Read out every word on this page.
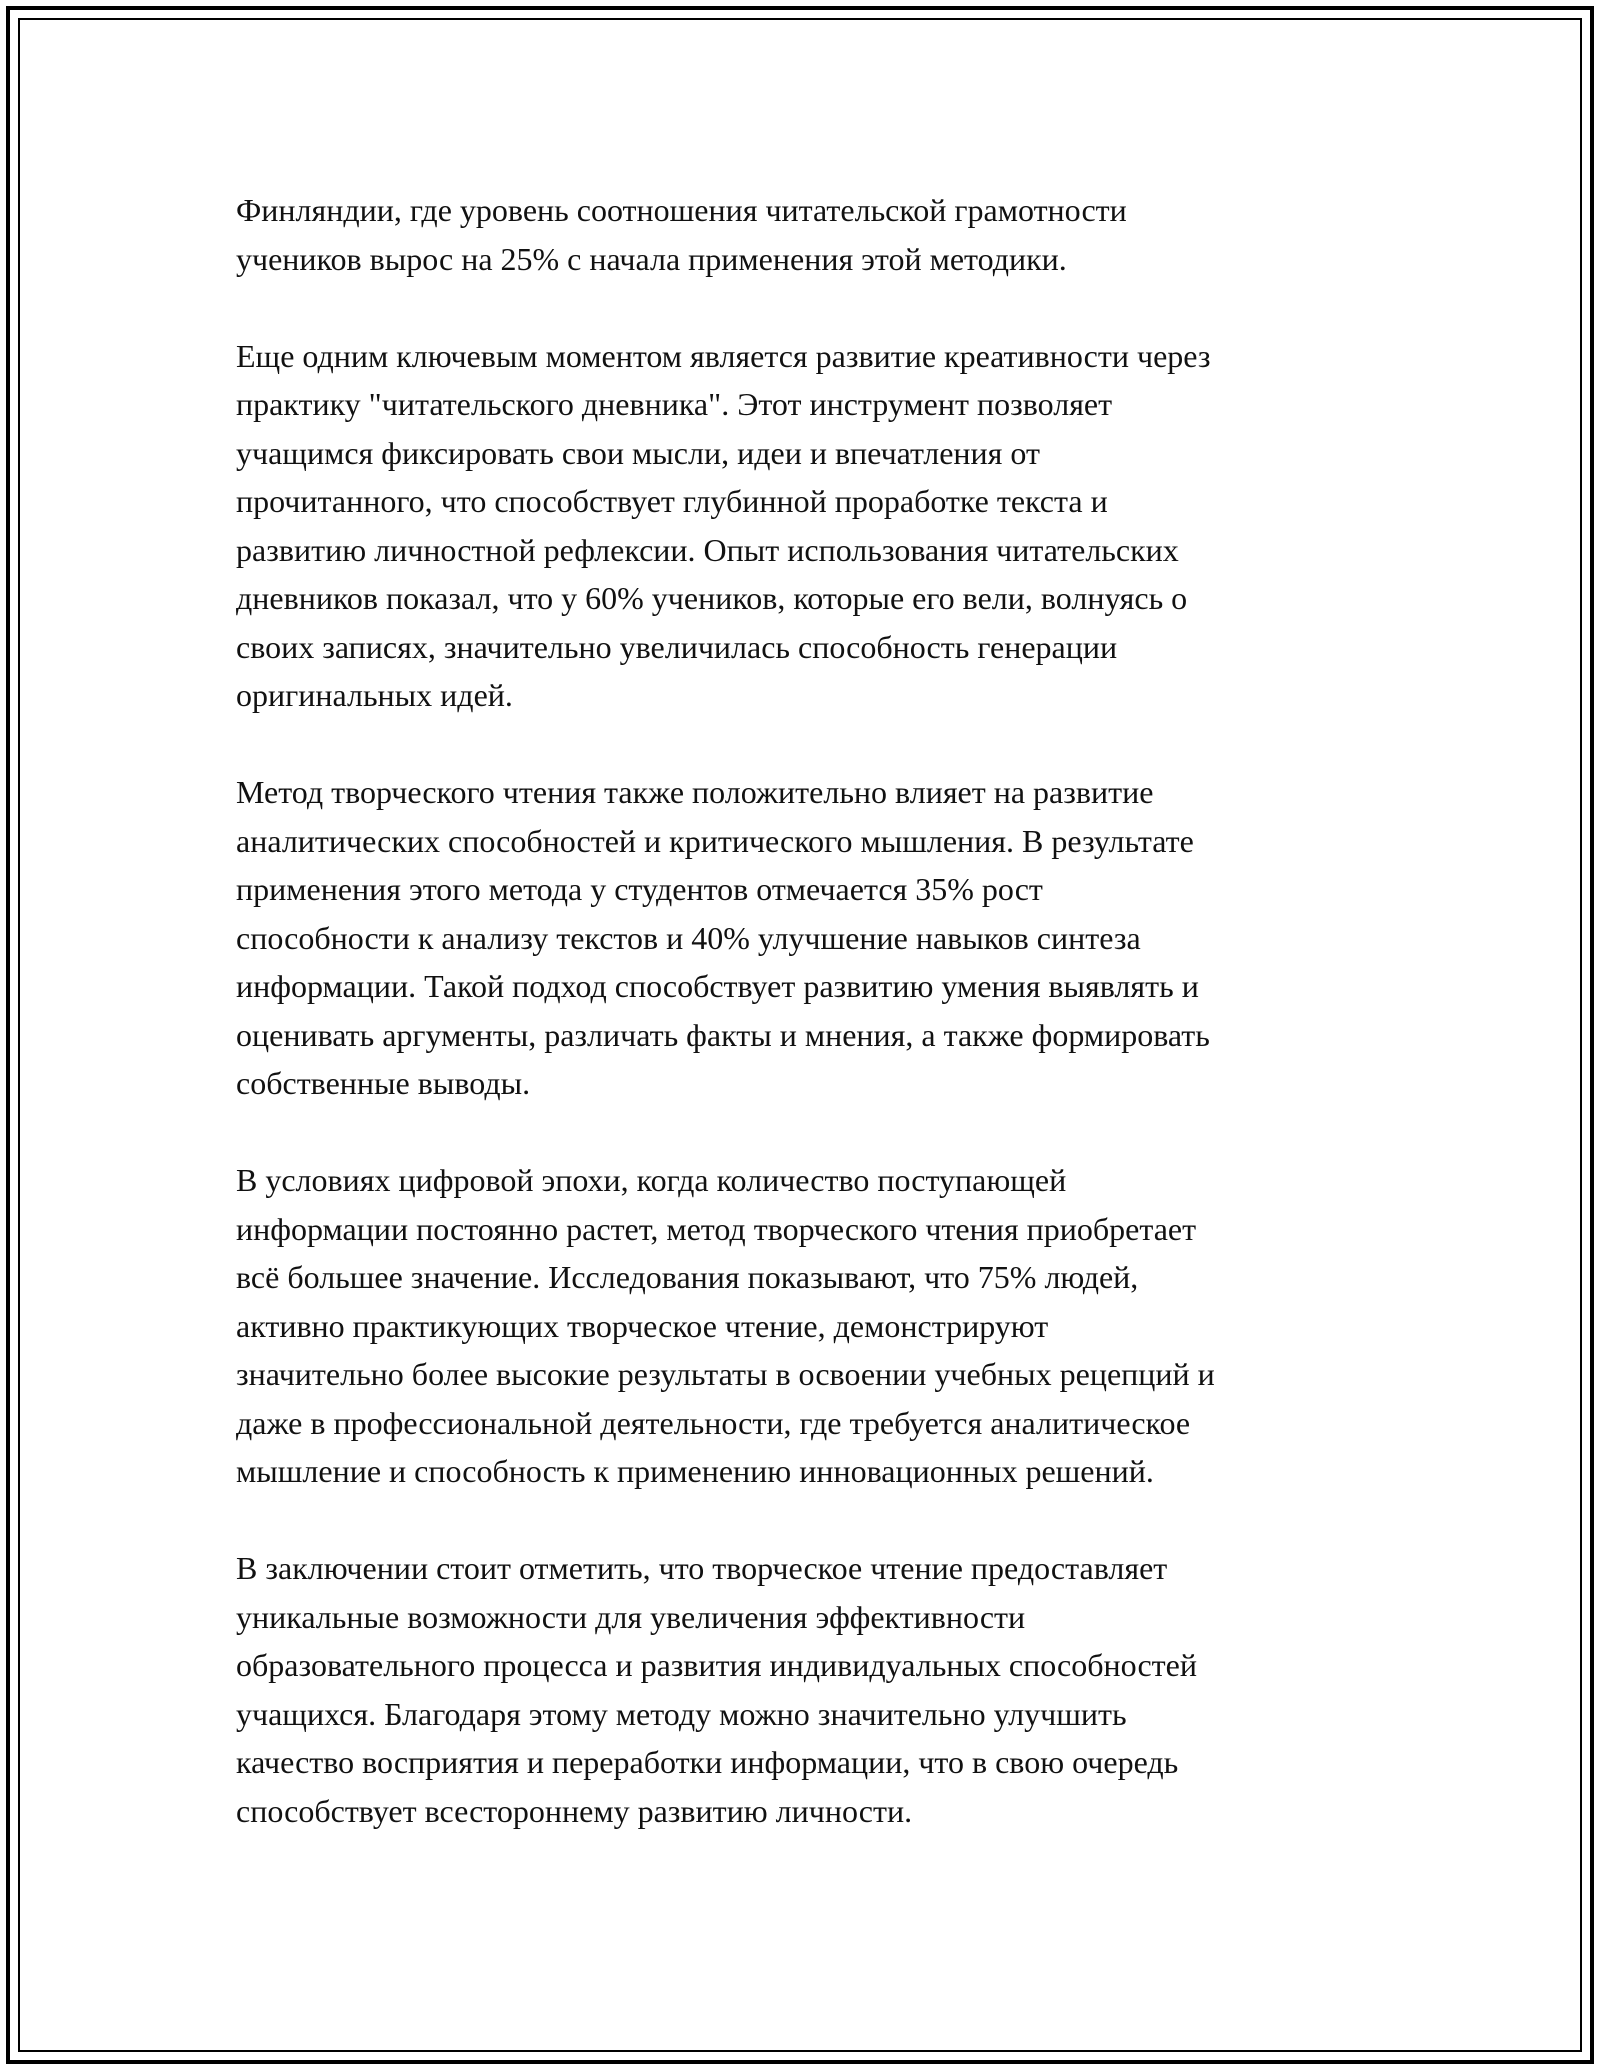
Финляндии, где уровень соотношения читательской грамотности
учеников вырос на 25% с начала применения этой методики.

Еще одним ключевым моментом является развитие креативности через
практику "читательского дневника". Этот инструмент позволяет
учащимся фиксировать свои мысли, идеи и впечатления от
прочитанного, что способствует глубинной проработке текста и
развитию личностной рефлексии. Опыт использования читательских
дневников показал, что у 60% учеников, которые его вели, волнуясь о
своих записях, значительно увеличилась способность генерации
оригинальных идей.

Метод творческого чтения также положительно влияет на развитие
аналитических способностей и критического мышления. В результате
применения этого метода у студентов отмечается 35% рост
способности к анализу текстов и 40% улучшение навыков синтеза
информации. Такой подход способствует развитию умения выявлять и
оценивать аргументы, различать факты и мнения, а также формировать
собственные выводы.

В условиях цифровой эпохи, когда количество поступающей
информации постоянно растет, метод творческого чтения приобретает
всё большее значение. Исследования показывают, что 75% людей,
активно практикующих творческое чтение, демонстрируют
значительно более высокие результаты в освоении учебных рецепций и
даже в профессиональной деятельности, где требуется аналитическое
мышление и способность к применению инновационных решений.

В заключении стоит отметить, что творческое чтение предоставляет
уникальные возможности для увеличения эффективности
образовательного процесса и развития индивидуальных способностей
учащихся. Благодаря этому методу можно значительно улучшить
качество восприятия и переработки информации, что в свою очередь
способствует всестороннему развитию личности.
